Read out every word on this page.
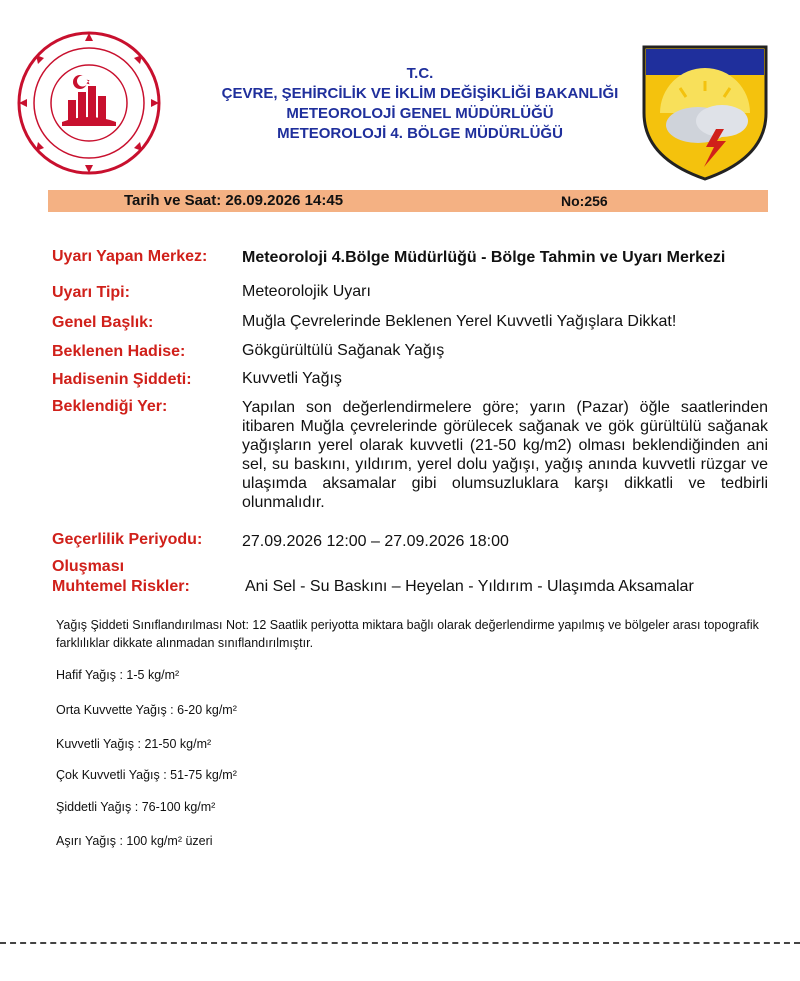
T.C.
ÇEVRE, ŞEHİRCİLİK VE İKLİM DEĞİŞİKLİĞİ BAKANLIĞI
METEOROLOJİ GENEL MÜDÜRLÜĞÜ
METEOROLOJİ 4. BÖLGE MÜDÜRLÜĞÜ
Tarih ve Saat: 26.09.2026 14:45	No:256
Uyarı Yapan Merkez: Meteoroloji 4.Bölge Müdürlüğü - Bölge Tahmin ve Uyarı Merkezi
Uyarı Tipi:	Meteorolojik Uyarı
Genel Başlık:	Muğla Çevrelerinde Beklenen Yerel Kuvvetli Yağışlara Dikkat!
Beklenen Hadise:	Gökgürültülü Sağanak Yağış
Hadisenin Şiddeti:	Kuvvetli Yağış
Beklendiği Yer:	Yapılan son değerlendirmelere göre; yarın (Pazar) öğle saatlerinden itibaren Muğla çevrelerinde görülecek sağanak ve gök gürültülü sağanak yağışların yerel olarak kuvvetli (21-50 kg/m2) olması beklendiğinden ani sel, su baskını, yıldırım, yerel dolu yağışı, yağış anında kuvvetli rüzgar ve ulaşımda aksamalar gibi olumsuzluklara karşı dikkatli ve tedbirli olunmalıdır.
Geçerlilik Periyodu: 27.09.2026 12:00 – 27.09.2026 18:00
Oluşması
Muhtemel Riskler:	Ani Sel - Su Baskını – Heyelan - Yıldırım - Ulaşımda Aksamalar
Yağış Şiddeti Sınıflandırılması Not: 12 Saatlik periyotta miktara bağlı olarak değerlendirme yapılmış ve bölgeler arası topografik farklılıklar dikkate alınmadan sınıflandırılmıştır.
Hafif Yağış : 1-5 kg/m²
Orta Kuvvette Yağış : 6-20 kg/m²
Kuvvetli Yağış : 21-50 kg/m²
Çok Kuvvetli Yağış : 51-75 kg/m²
Şiddetli Yağış : 76-100 kg/m²
Aşırı Yağış : 100 kg/m² üzeri
